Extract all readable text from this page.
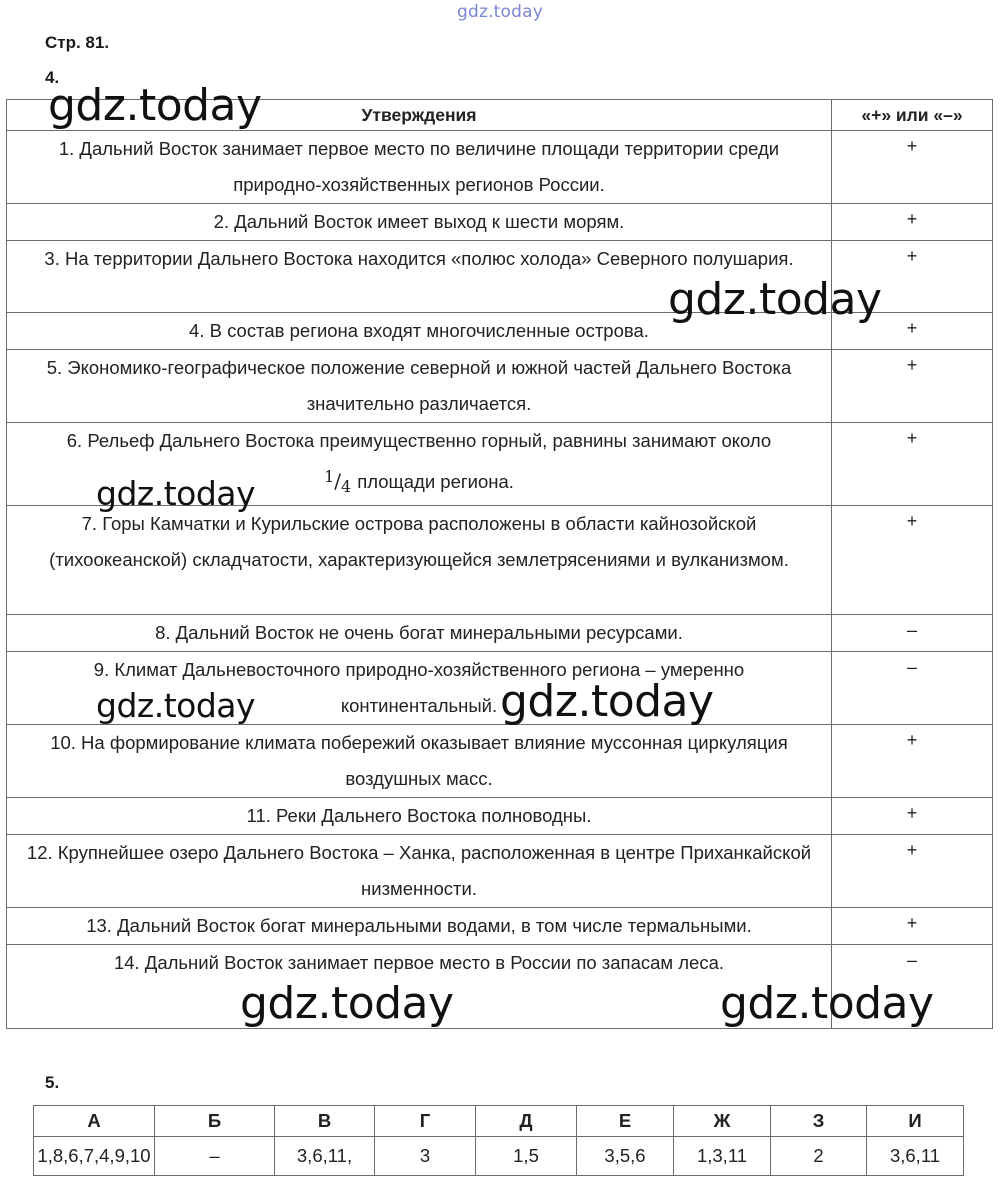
gdz.today
Стр. 81.
4.
Утверждения	«+» или «–»
1. Дальний Восток занимает первое место по величине площади территории среди природно-хозяйственных регионов России.	+
2. Дальний Восток имеет выход к шести морям.	+
3. На территории Дальнего Востока находится «полюс холода» Северного полушария.	+
4. В состав региона входят многочисленные острова.	+
5. Экономико-географическое положение северной и южной частей Дальнего Востока значительно различается.	+
6. Рельеф Дальнего Востока преимущественно горный, равнины занимают около
$^1/_4$ площади региона.	+
7. Горы Камчатки и Курильские острова расположены в области кайнозойской (тихоокеанской) складчатости, характеризующейся землетрясениями и вулканизмом.	+
8. Дальний Восток не очень богат минеральными ресурсами.	–
9. Климат Дальневосточного природно-хозяйственного региона – умеренно континентальный.	–
10. На формирование климата побережий оказывает влияние муссонная циркуляция воздушных масс.	+
11. Реки Дальнего Востока полноводны.	+
12. Крупнейшее озеро Дальнего Востока – Ханка, расположенная в центре Приханкайской низменности.	+
13. Дальний Восток богат минеральными водами, в том числе термальными.	+
14. Дальний Восток занимает первое место в России по запасам леса.	–
5.
А	Б	В	Г	Д	Е	Ж	З	И
1,8,6,7,4,9,10	–	3,6,11,	3	1,5	3,5,6	1,3,11	2	3,6,11
gdz.today
gdz.today
gdz.today
gdz.today	gdz.today
gdz.today	gdz.today
